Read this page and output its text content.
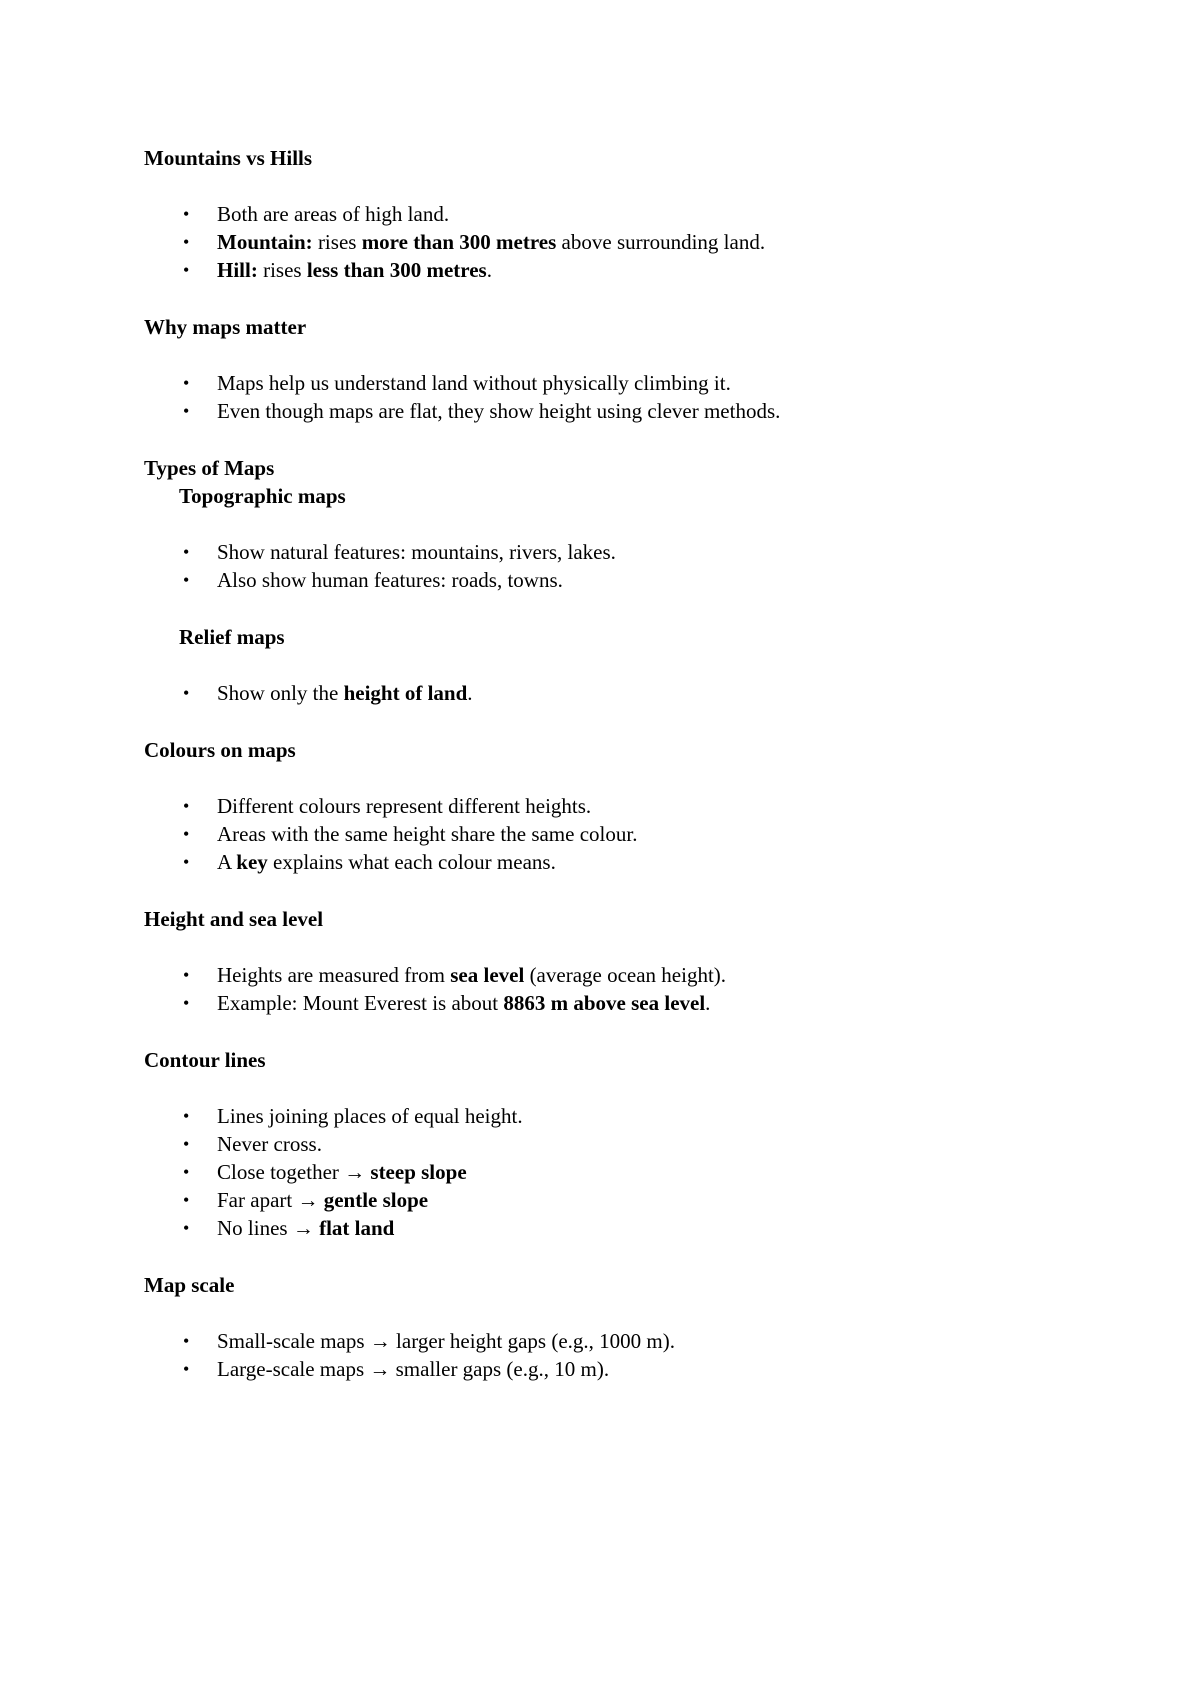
Mountains vs Hills
• Both are areas of high land.
• Mountain: rises more than 300 metres above surrounding land.
• Hill: rises less than 300 metres.
Why maps matter
• Maps help us understand land without physically climbing it.
• Even though maps are flat, they show height using clever methods.
Types of Maps
Topographic maps
• Show natural features: mountains, rivers, lakes.
• Also show human features: roads, towns.
Relief maps
• Show only the height of land.
Colours on maps
• Different colours represent different heights.
• Areas with the same height share the same colour.
• A key explains what each colour means.
Height and sea level
• Heights are measured from sea level (average ocean height).
• Example: Mount Everest is about 8863 m above sea level.
Contour lines
• Lines joining places of equal height.
• Never cross.
• Close together → steep slope
• Far apart → gentle slope
• No lines → flat land
Map scale
• Small-scale maps → larger height gaps (e.g., 1000 m).
• Large-scale maps → smaller gaps (e.g., 10 m).
